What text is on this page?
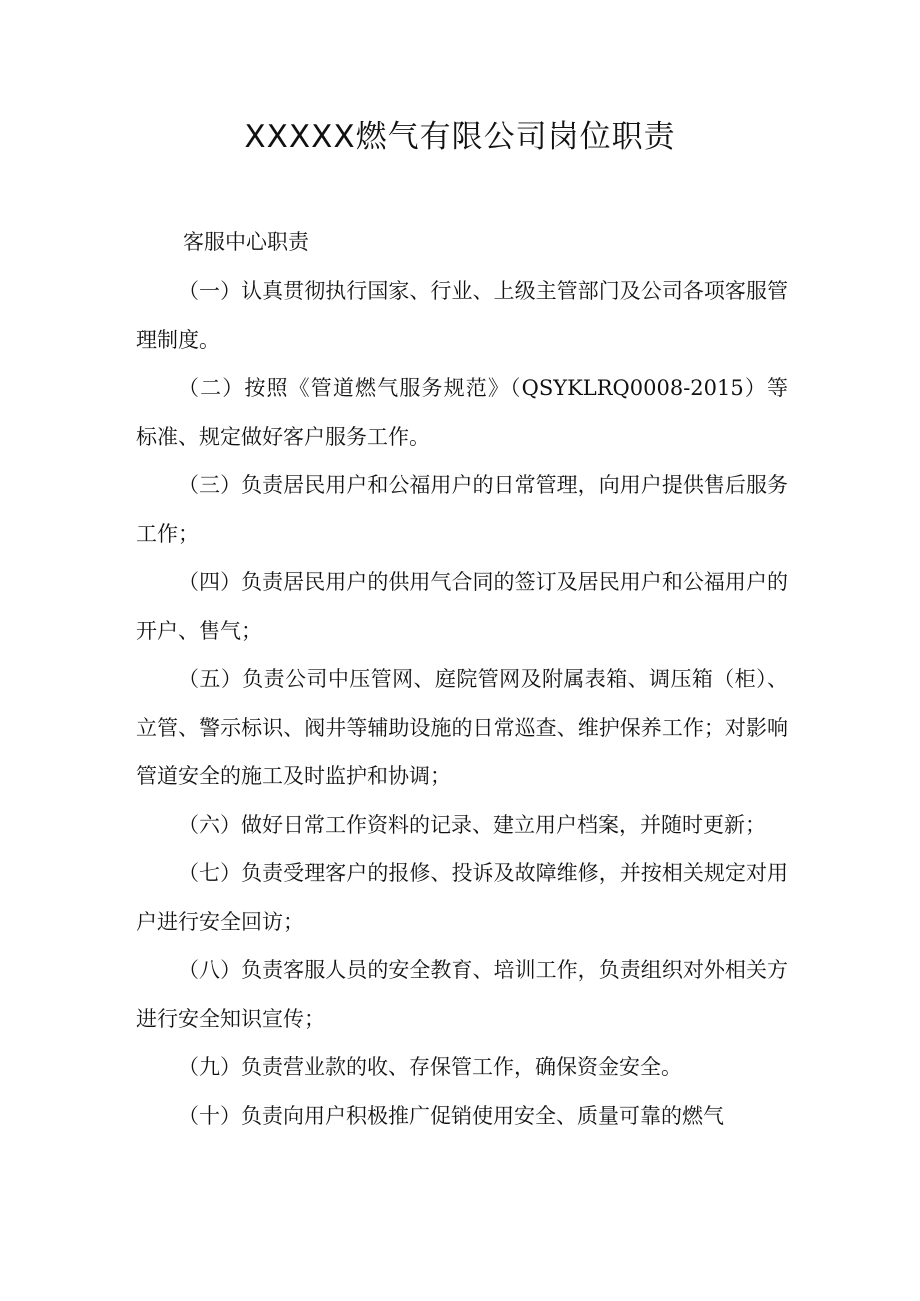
XXXXX燃气有限公司岗位职责
客服中心职责

（一）认真贯彻执行国家、行业、上级主管部门及公司各项客服管理制度。

（二）按照《管道燃气服务规范》（QSYKLRQ0008-2015）等标准、规定做好客户服务工作。

（三）负责居民用户和公福用户的日常管理，向用户提供售后服务工作；

（四）负责居民用户的供用气合同的签订及居民用户和公福用户的开户、售气；

（五）负责公司中压管网、庭院管网及附属表箱、调压箱（柜）、立管、警示标识、阀井等辅助设施的日常巡查、维护保养工作；对影响管道安全的施工及时监护和协调；

（六）做好日常工作资料的记录、建立用户档案，并随时更新；

（七）负责受理客户的报修、投诉及故障维修，并按相关规定对用户进行安全回访；

（八）负责客服人员的安全教育、培训工作，负责组织对外相关方进行安全知识宣传；

（九）负责营业款的收、存保管工作，确保资金安全。

（十）负责向用户积极推广促销使用安全、质量可靠的燃气
